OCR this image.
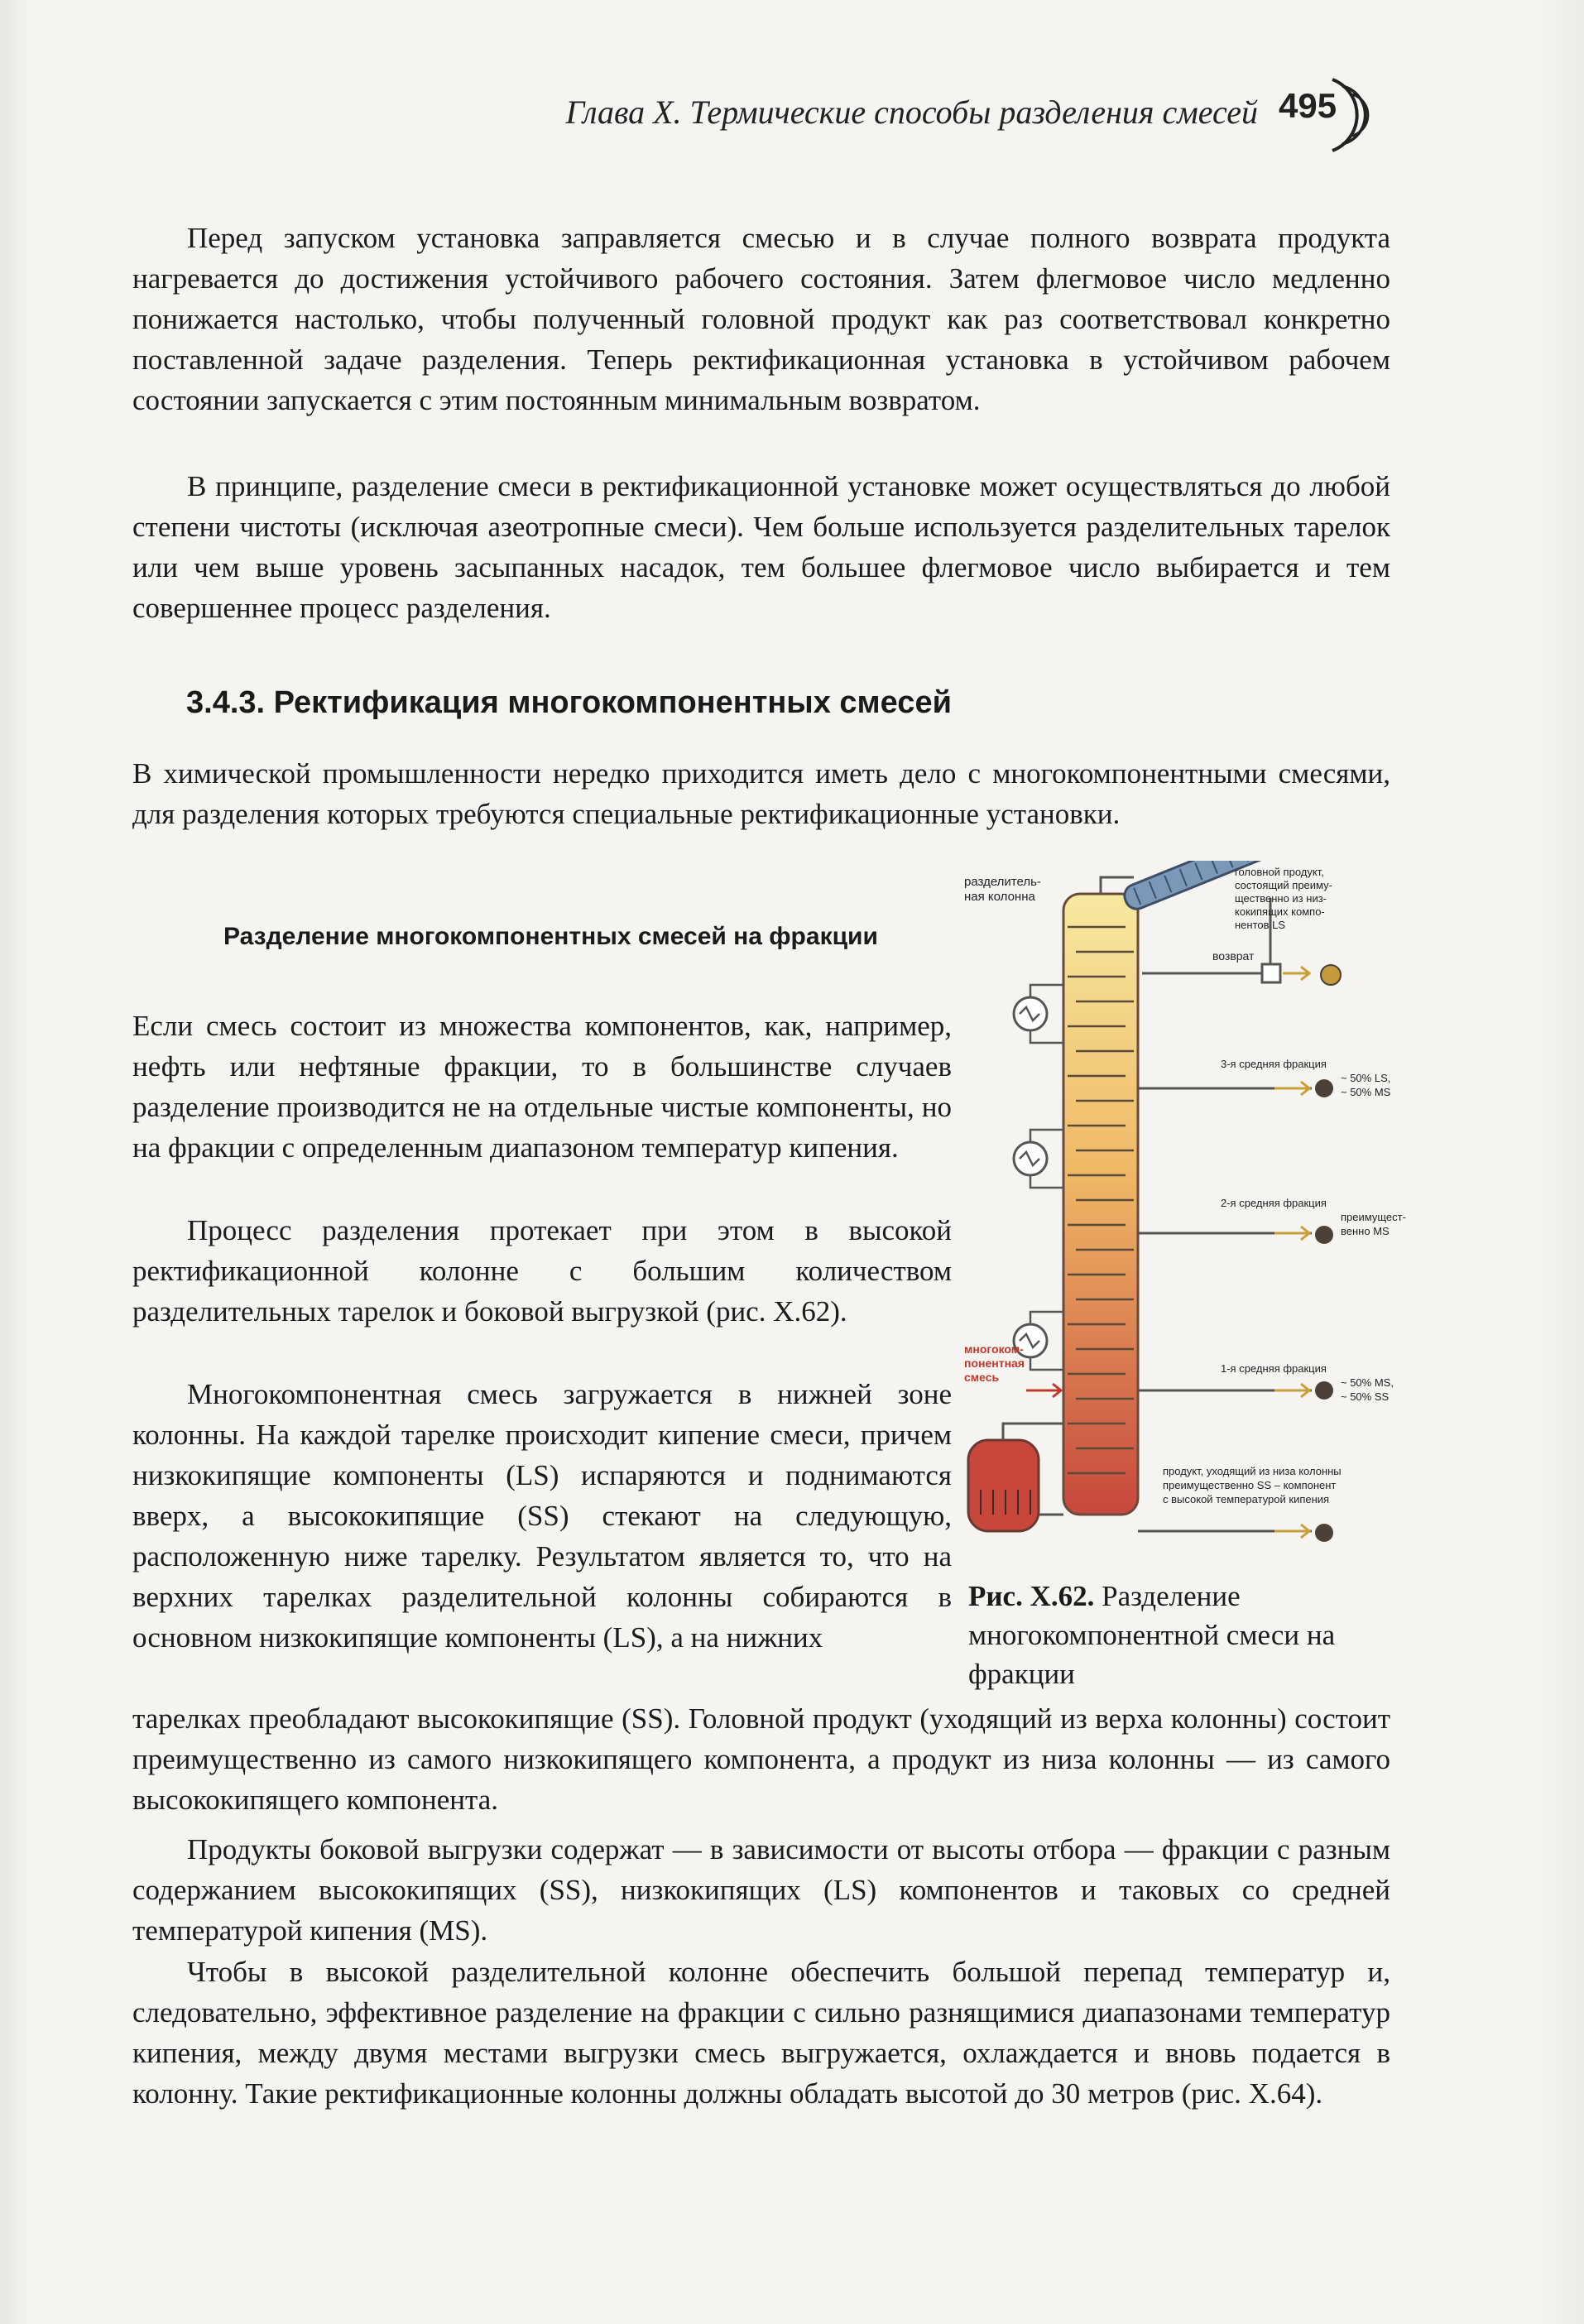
Глава X. Термические способы разделения смесей 495

Перед запуском установка заправляется смесью и в случае полного возврата продукта нагревается до достижения устойчивого рабочего состояния. Затем флегмовое число медленно понижается настолько, чтобы полученный головной продукт как раз соответствовал конкретно поставленной задаче разделения. Теперь ректификационная установка в устойчивом рабочем состоянии запускается с этим постоянным минимальным возвратом.

В принципе, разделение смеси в ректификационной установке может осуществляться до любой степени чистоты (исключая азеотропные смеси). Чем больше используется разделительных тарелок или чем выше уровень засыпанных насадок, тем большее флегмовое число выбирается и тем совершеннее процесс разделения.

3.4.3. Ректификация многокомпонентных смесей

В химической промышленности нередко приходится иметь дело с многокомпонентными смесями, для разделения которых требуются специальные ректификационные установки.

Разделение многокомпонентных смесей на фракции

Если смесь состоит из множества компонентов, как, например, нефть или нефтяные фракции, то в большинстве случаев разделение производится не на отдельные чистые компоненты, но на фракции с определенным диапазоном температур кипения.

Процесс разделения протекает при этом в высокой ректификационной колонне с большим количеством разделительных тарелок и боковой выгрузкой (рис. X.62).

Многокомпонентная смесь загружается в нижней зоне колонны. На каждой тарелке происходит кипение смеси, причем низкокипящие компоненты (LS) испаряются и поднимаются вверх, а высококипящие (SS) стекают на следующую, расположенную ниже тарелку. Результатом является то, что на верхних тарелках разделительной колонны собираются в основном низкокипящие компоненты (LS), а на нижних

тарелках преобладают высококипящие (SS). Головной продукт (уходящий из верха колонны) состоит преимущественно из самого низкокипящего компонента, а продукт из низа колонны — из самого высококипящего компонента.

Продукты боковой выгрузки содержат — в зависимости от высоты отбора — фракции с разным содержанием высококипящих (SS), низкокипящих (LS) компонентов и таковых со средней температурой кипения (MS).

Чтобы в высокой разделительной колонне обеспечить большой перепад температур и, следовательно, эффективное разделение на фракции с сильно разнящимися диапазонами температур кипения, между двумя местами выгрузки смесь выгружается, охлаждается и вновь подается в колонну. Такие ректификационные колонны должны обладать высотой до 30 метров (рис. X.64).

разделитель-ная колонна
головной продукт, состоящий преиму- щественно из низ- кокипящих компо- нентов LS
возврат
3-я средняя фракция ~ 50% LS, ~ 50% MS
2-я средняя фракция преимущест- венно MS
1-я средняя фракция ~ 50% MS, ~ 50% SS
многоком- понентная смесь
продукт, уходящий из низа колонны преимущественно SS – компонент с высокой температурой кипения
Рис. X.62. Разделение многокомпонентной смеси на фракции
